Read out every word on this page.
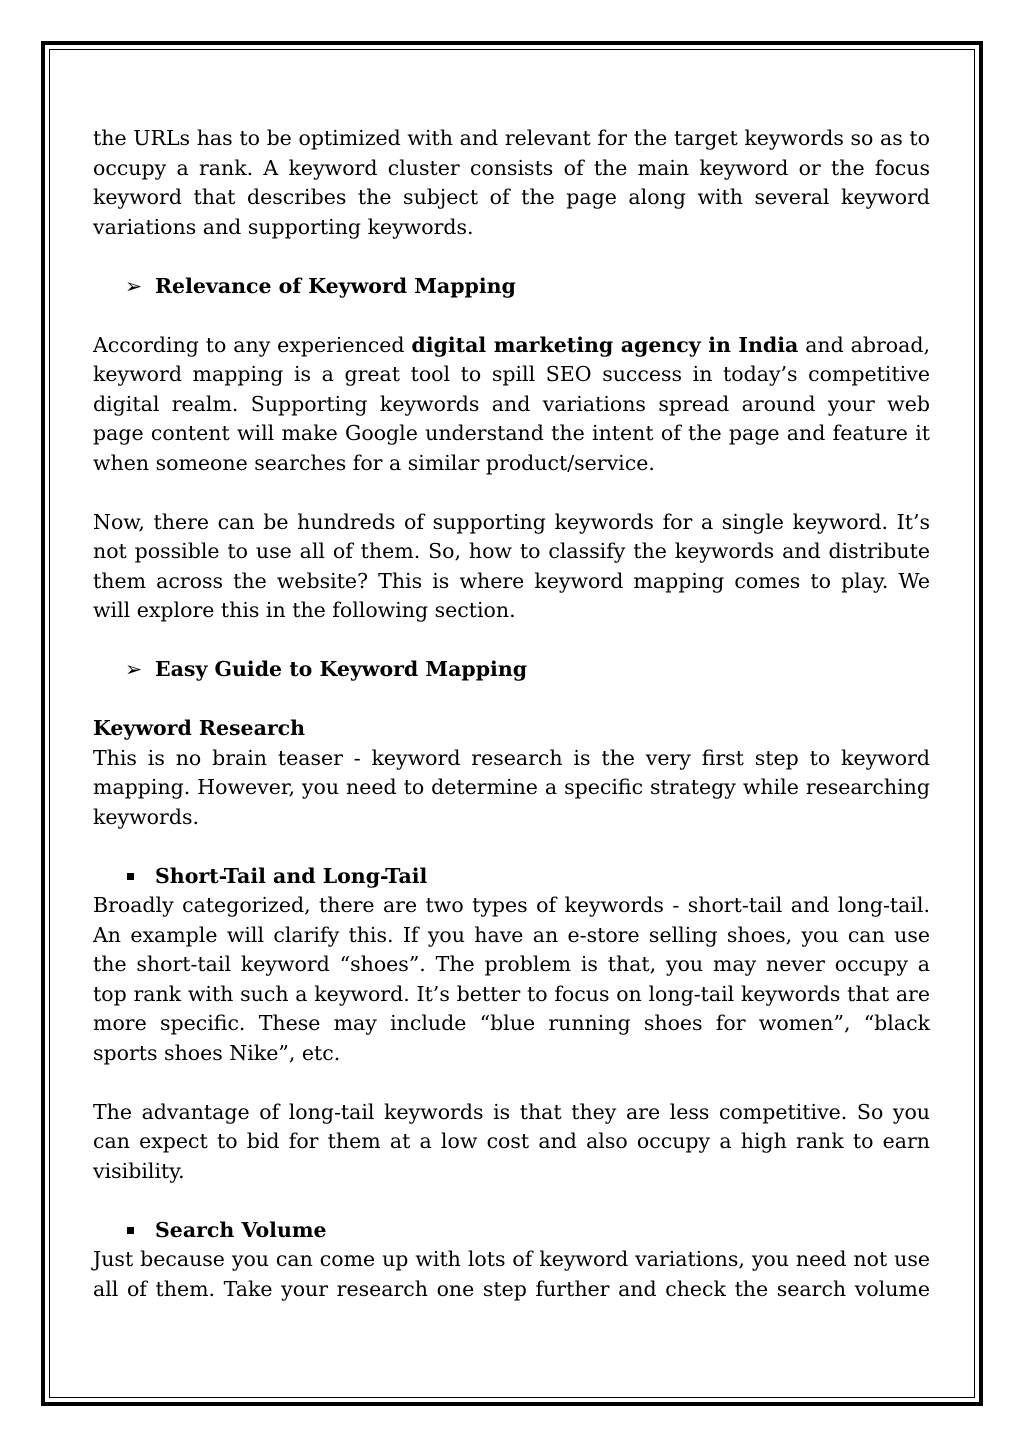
the URLs has to be optimized with and relevant for the target keywords so as to occupy a rank. A keyword cluster consists of the main keyword or the focus keyword that describes the subject of the page along with several keyword variations and supporting keywords.

➢ Relevance of Keyword Mapping

According to any experienced digital marketing agency in India and abroad, keyword mapping is a great tool to spill SEO success in today’s competitive digital realm. Supporting keywords and variations spread around your web page content will make Google understand the intent of the page and feature it when someone searches for a similar product/service.

Now, there can be hundreds of supporting keywords for a single keyword. It’s not possible to use all of them. So, how to classify the keywords and distribute them across the website? This is where keyword mapping comes to play. We will explore this in the following section.

➢ Easy Guide to Keyword Mapping
Keyword Research

This is no brain teaser - keyword research is the very first step to keyword mapping. However, you need to determine a specific strategy while researching keywords.

Short-Tail and Long-Tail

Broadly categorized, there are two types of keywords - short-tail and long-tail. An example will clarify this. If you have an e-store selling shoes, you can use the short-tail keyword “shoes”. The problem is that, you may never occupy a top rank with such a keyword. It’s better to focus on long-tail keywords that are more specific. These may include “blue running shoes for women”, “black sports shoes Nike”, etc.

The advantage of long-tail keywords is that they are less competitive. So you can expect to bid for them at a low cost and also occupy a high rank to earn visibility.

Search Volume

Just because you can come up with lots of keyword variations, you need not use all of them. Take your research one step further and check the search volume
